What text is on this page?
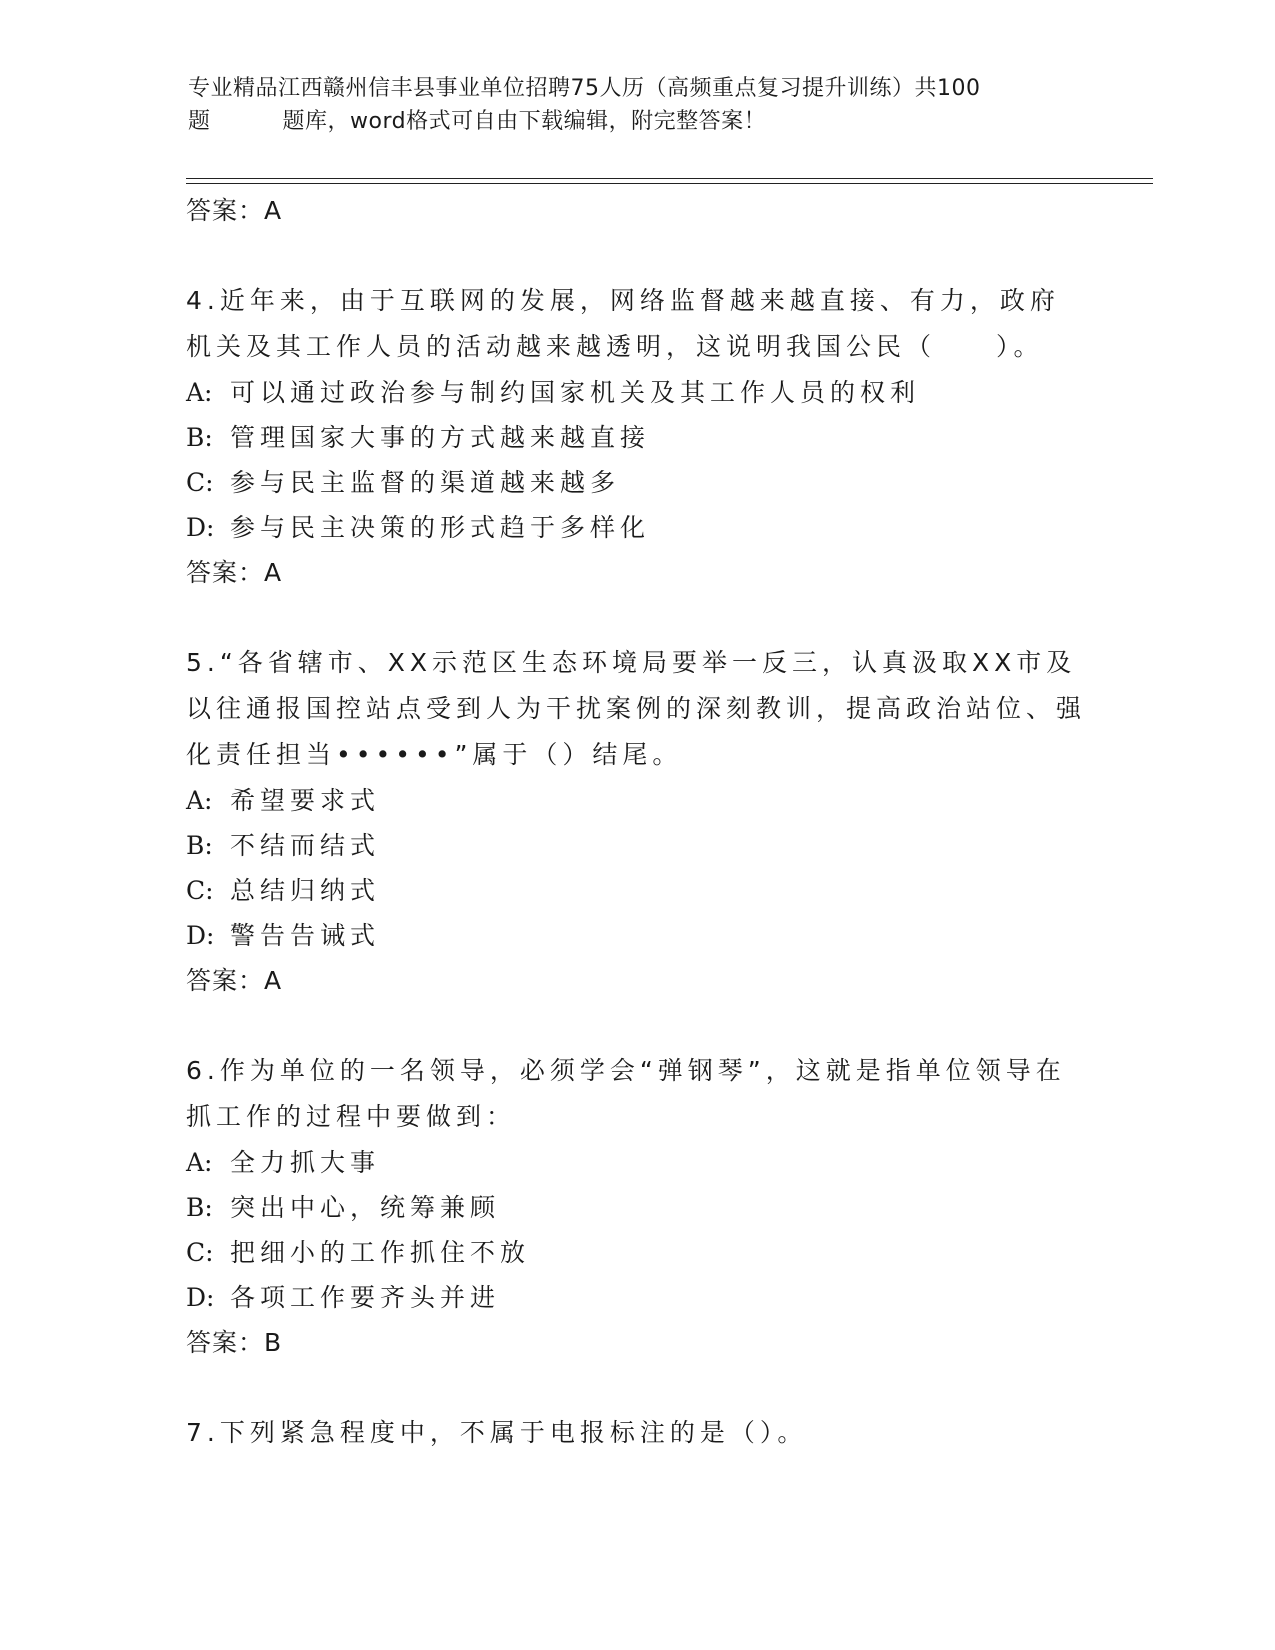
专业精品江西赣州信丰县事业单位招聘75人历（高频重点复习提升训练）共100
题	题库，word格式可自由下载编辑，附完整答案！
答案：A
4.近年来，由于互联网的发展，网络监督越来越直接、有力，政府机关及其工作人员的活动越来越透明，这说明我国公民（　　）。
A: 可以通过政治参与制约国家机关及其工作人员的权利
B: 管理国家大事的方式越来越直接
C: 参与民主监督的渠道越来越多
D: 参与民主决策的形式趋于多样化
答案：A
5.“各省辖市、XX示范区生态环境局要举一反三，认真汲取XX市及以往通报国控站点受到人为干扰案例的深刻教训，提高政治站位、强化责任担当••••••”属于（）结尾。
A: 希望要求式
B: 不结而结式
C: 总结归纳式
D: 警告告诫式
答案：A
6.作为单位的一名领导，必须学会“弹钢琴”，这就是指单位领导在抓工作的过程中要做到：
A: 全力抓大事
B: 突出中心，统筹兼顾
C: 把细小的工作抓住不放
D: 各项工作要齐头并进
答案：B
7.下列紧急程度中，不属于电报标注的是（）。
